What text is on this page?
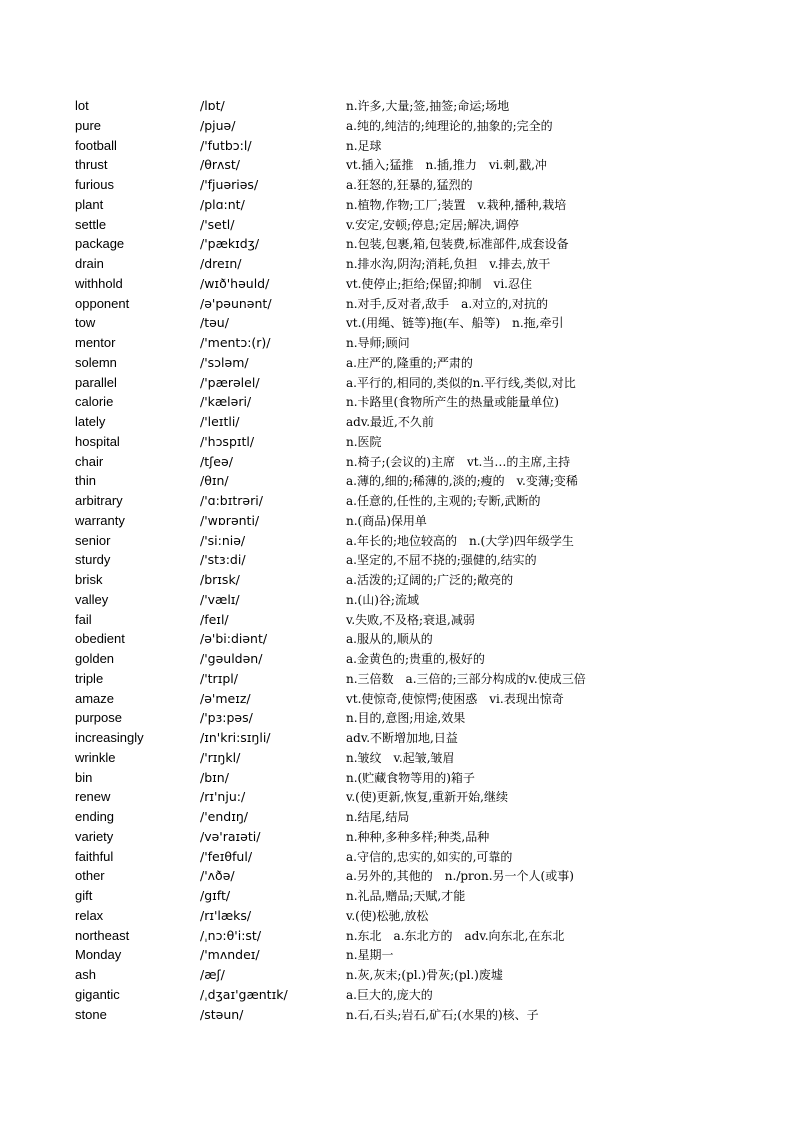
lot	/lɒt/	n.许多,大量;签,抽签;命运;场地
pure	/pjuə/	a.纯的,纯洁的;纯理论的,抽象的;完全的
football	/'futbɔ:l/	n.足球
thrust	/θrʌst/	vt.插入;猛推　n.插,推力　vi.刺,戳,冲
furious	/'fjuəriəs/	a.狂怒的,狂暴的,猛烈的
plant	/plɑ:nt/	n.植物,作物;工厂;装置　v.栽种,播种,栽培
settle	/'setl/	v.安定,安顿;停息;定居;解决,调停
package	/'pækɪdʒ/	n.包装,包裹,箱,包装费,标准部件,成套设备
drain	/dreɪn/	n.排水沟,阴沟;消耗,负担　v.排去,放干
withhold	/wɪð'həuld/	vt.使停止;拒给;保留;抑制　vi.忍住
opponent	/ə'pəunənt/	n.对手,反对者,敌手　a.对立的,对抗的
tow	/təu/	vt.(用绳、链等)拖(车、船等)　n.拖,牵引
mentor	/'mentɔ:(r)/	n.导师;顾问
solemn	/'sɔləm/	a.庄严的,隆重的;严肃的
parallel	/'pærəlel/	a.平行的,相同的,类似的n.平行线,类似,对比
calorie	/'kæləri/	n.卡路里(食物所产生的热量或能量单位)
lately	/'leɪtli/	adv.最近,不久前
hospital	/'hɔspɪtl/	n.医院
chair	/tʃeə/	n.椅子;(会议的)主席　vt.当…的主席,主持
thin	/θɪn/	a.薄的,细的;稀薄的,淡的;瘦的　v.变薄;变稀
arbitrary	/'ɑ:bɪtrəri/	a.任意的,任性的,主观的;专断,武断的
warranty	/'wɒrənti/	n.(商品)保用单
senior	/'si:niə/	a.年长的;地位较高的　n.(大学)四年级学生
sturdy	/'stɜ:di/	a.坚定的,不屈不挠的;强健的,结实的
brisk	/brɪsk/	a.活泼的;辽阔的;广泛的;敞亮的
valley	/'vælɪ/	n.(山)谷;流域
fail	/feɪl/	v.失败,不及格;衰退,减弱
obedient	/ə'bi:diənt/	a.服从的,顺从的
golden	/'gəuldən/	a.金黄色的;贵重的,极好的
triple	/'trɪpl/	n.三倍数　a.三倍的;三部分构成的v.使成三倍
amaze	/ə'meɪz/	vt.使惊奇,使惊愕;使困惑　vi.表现出惊奇
purpose	/'pɜ:pəs/	n.目的,意图;用途,效果
increasingly	/ɪn'kri:sɪŋli/	adv.不断增加地,日益
wrinkle	/'rɪŋkl/	n.皱纹　v.起皱,皱眉
bin	/bɪn/	n.(贮藏食物等用的)箱子
renew	/rɪ'nju:/	v.(使)更新,恢复,重新开始,继续
ending	/'endɪŋ/	n.结尾,结局
variety	/və'raɪəti/	n.种种,多种多样;种类,品种
faithful	/'feɪθful/	a.守信的,忠实的,如实的,可靠的
other	/'ʌðə/	a.另外的,其他的　n./pron.另一个人(或事)
gift	/gɪft/	n.礼品,赠品;天赋,才能
relax	/rɪ'læks/	v.(使)松驰,放松
northeast	/ˌnɔ:θ'i:st/	n.东北　a.东北方的　adv.向东北,在东北
Monday	/'mʌndeɪ/	n.星期一
ash	/æʃ/	n.灰,灰末;(pl.)骨灰;(pl.)废墟
gigantic	/ˌdʒaɪ'gæntɪk/	a.巨大的,庞大的
stone	/stəun/	n.石,石头;岩石,矿石;(水果的)核、子
